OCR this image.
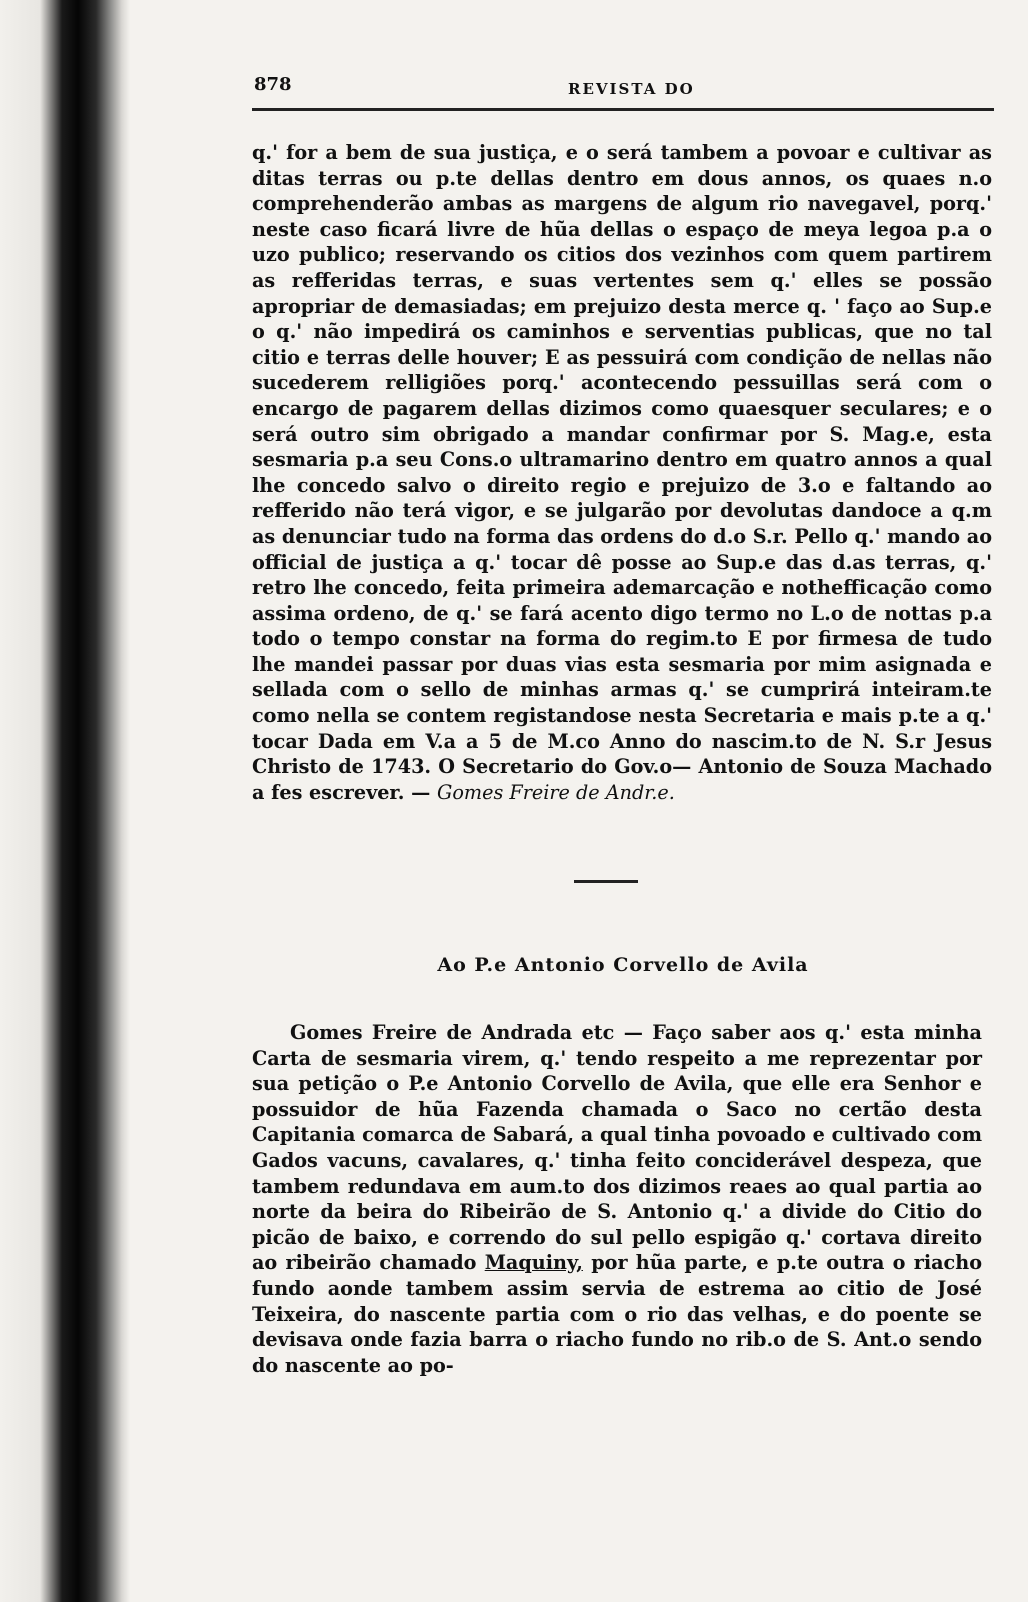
878	REVISTA DO

q.' for a bem de sua justiça, e o será tambem a povoar e cultivar as ditas terras ou p.te dellas dentro em dous annos, os quaes n.o comprehenderão ambas as margens de algum rio navegavel, porq.' neste caso ficará livre de hũa dellas o espaço de meya legoa p.a o uzo publico; reservando os citios dos vezinhos com quem partirem as refferidas terras, e suas vertentes sem q.' elles se possão apropriar de demasiadas; em prejuizo desta merce q. ' faço ao Sup.e o q.' não impedirá os caminhos e serventias publicas, que no tal citio e terras delle houver; E as pessuirá com condição de nellas não sucederem relligiões porq.' acontecendo pessuillas será com o encargo de pagarem dellas dizimos como quaesquer seculares; e o será outro sim obrigado a mandar confirmar por S. Mag.e, esta sesmaria p.a seu Cons.o ultramarino dentro em quatro annos a qual lhe concedo salvo o direito regio e prejuizo de 3.o e faltando ao refferido não terá vigor, e se julgarão por devolutas dandoce a q.m as denunciar tudo na forma das ordens do d.o S.r. Pello q.' mando ao official de justiça a q.' tocar dê posse ao Sup.e das d.as terras, q.' retro lhe concedo, feita primeira ademarcação e nothefficação como assima ordeno, de q.' se fará acento digo termo no L.o de nottas p.a todo o tempo constar na forma do regim.to E por firmesa de tudo lhe mandei passar por duas vias esta sesmaria por mim asignada e sellada com o sello de minhas armas q.' se cumprirá inteiram.te como nella se contem registandose nesta Secretaria e mais p.te a q.' tocar Dada em V.a a 5 de M.co Anno do nascim.to de N. S.r Jesus Christo de 1743. O Secretario do Gov.o— Antonio de Souza Machado a fes escrever. — Gomes Freire de Andr.e.

Ao P.e Antonio Corvello de Avila

Gomes Freire de Andrada etc — Faço saber aos q.' esta minha Carta de sesmaria virem, q.' tendo respeito a me reprezentar por sua petição o P.e Antonio Corvello de Avila, que elle era Senhor e possuidor de hũa Fazenda chamada o Saco no certão desta Capitania comarca de Sabará, a qual tinha povoado e cultivado com Gados vacuns, cavalares, q.' tinha feito conciderável despeza, que tambem redundava em aum.to dos dizimos reaes ao qual partia ao norte da beira do Ribeirão de S. Antonio q.' a divide do Citio do picão de baixo, e correndo do sul pello espigão q.' cortava direito ao ribeirão chamado Maquiny, por hũa parte, e p.te outra o riacho fundo aonde tambem assim servia de estrema ao citio de José Teixeira, do nascente partia com o rio das velhas, e do poente se devisava onde fazia barra o riacho fundo no rib.o de S. Ant.o sendo do nascente ao po-
